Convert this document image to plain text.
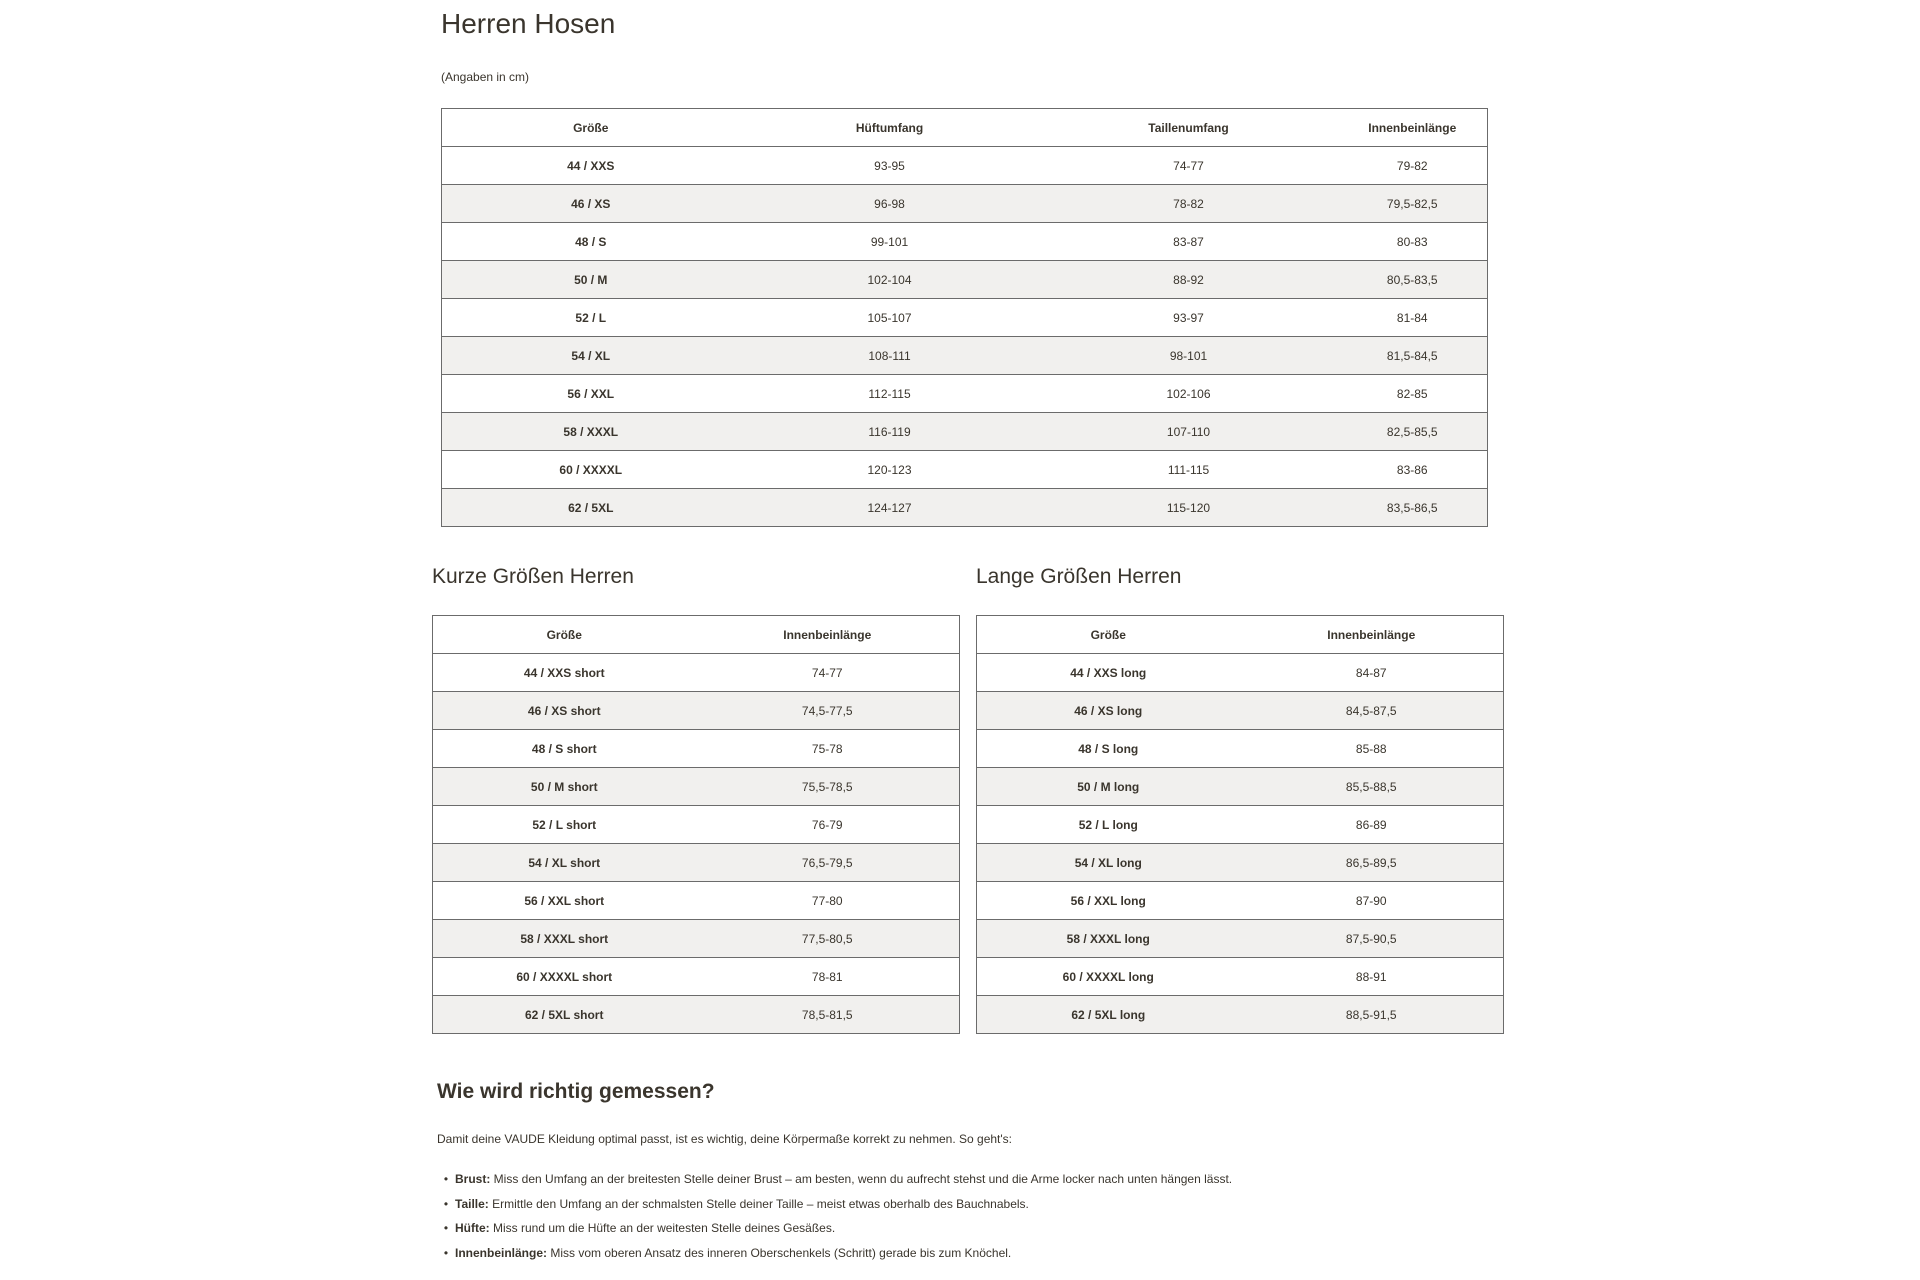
Herren Hosen
(Angaben in cm)
Größe	Hüftumfang	Taillenumfang	Innenbeinlänge
44 / XXS	93-95	74-77	79-82
46 / XS	96-98	78-82	79,5-82,5
48 / S	99-101	83-87	80-83
50 / M	102-104	88-92	80,5-83,5
52 / L	105-107	93-97	81-84
54 / XL	108-111	98-101	81,5-84,5
56 / XXL	112-115	102-106	82-85
58 / XXXL	116-119	107-110	82,5-85,5
60 / XXXXL	120-123	111-115	83-86
62 / 5XL	124-127	115-120	83,5-86,5
Kurze Größen Herren	Lange Größen Herren
Größe	Innenbeinlänge
44 / XXS short	74-77
46 / XS short	74,5-77,5
48 / S short	75-78
50 / M short	75,5-78,5
52 / L short	76-79
54 / XL short	76,5-79,5
56 / XXL short	77-80
58 / XXXL short	77,5-80,5
60 / XXXXL short	78-81
62 / 5XL short	78,5-81,5
Größe	Innenbeinlänge
44 / XXS long	84-87
46 / XS long	84,5-87,5
48 / S long	85-88
50 / M long	85,5-88,5
52 / L long	86-89
54 / XL long	86,5-89,5
56 / XXL long	87-90
58 / XXXL long	87,5-90,5
60 / XXXXL long	88-91
62 / 5XL long	88,5-91,5
Wie wird richtig gemessen?

Damit deine VAUDE Kleidung optimal passt, ist es wichtig, deine Körpermaße korrekt zu nehmen. So geht's:

• Brust: Miss den Umfang an der breitesten Stelle deiner Brust – am besten, wenn du aufrecht stehst und die Arme locker nach unten hängen lässt.
• Taille: Ermittle den Umfang an der schmalsten Stelle deiner Taille – meist etwas oberhalb des Bauchnabels.
• Hüfte: Miss rund um die Hüfte an der weitesten Stelle deines Gesäßes.
• Innenbeinlänge: Miss vom oberen Ansatz des inneren Oberschenkels (Schritt) gerade bis zum Knöchel.
